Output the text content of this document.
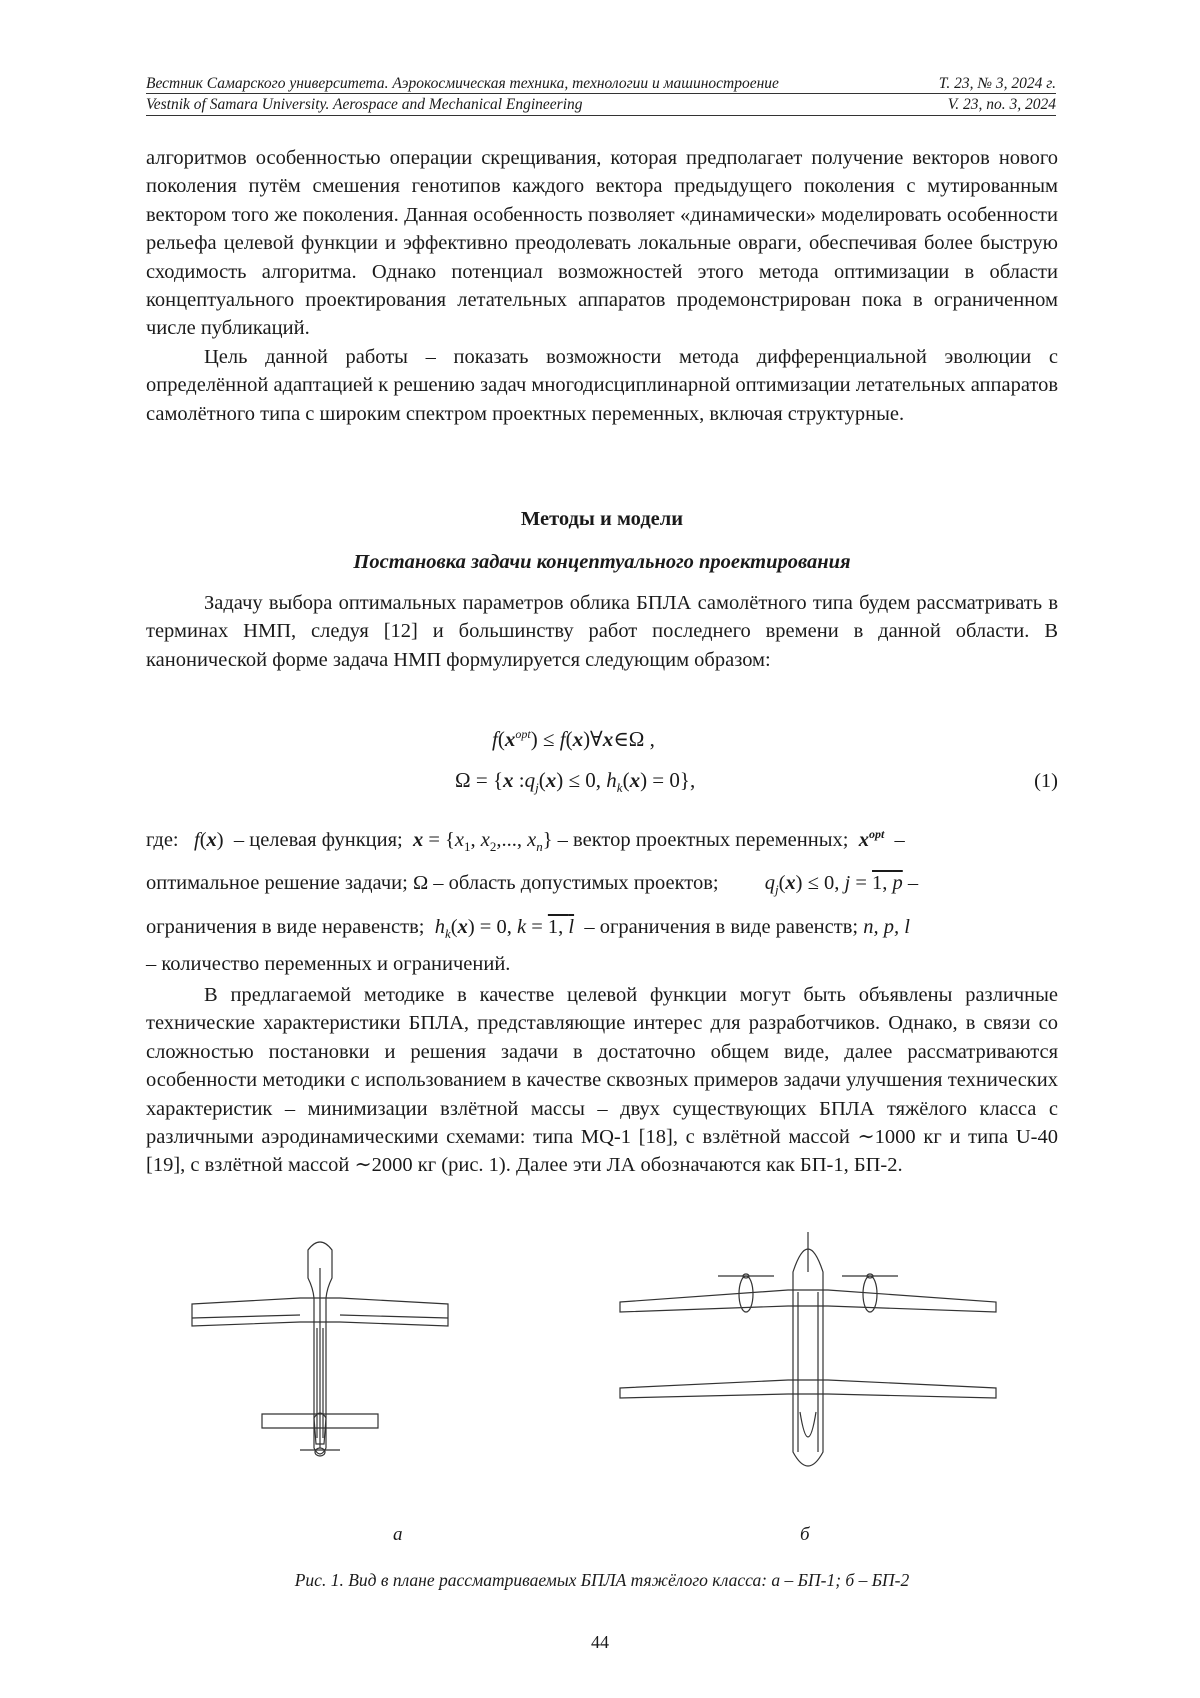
Вестник Самарского университета. Аэрокосмическая техника, технологии и машиностроение	Т. 23, № 3, 2024 г.
Vestnik of Samara University. Aerospace and Mechanical Engineering	V. 23, no. 3, 2024

алгоритмов особенностью операции скрещивания, которая предполагает получение векторов нового поколения путём смешения генотипов каждого вектора предыдущего поколения с мутированным вектором того же поколения. Данная особенность позволяет «динамически» моделировать особенности рельефа целевой функции и эффективно преодолевать локальные овраги, обеспечивая более быструю сходимость алгоритма. Однако потенциал возможностей этого метода оптимизации в области концептуального проектирования летательных аппаратов продемонстрирован пока в ограниченном числе публикаций.

Цель данной работы – показать возможности метода дифференциальной эволюции с определённой адаптацией к решению задач многодисциплинарной оптимизации летательных аппаратов самолётного типа с широким спектром проектных переменных, включая структурные.

Методы и модели
Постановка задачи концептуального проектирования

Задачу выбора оптимальных параметров облика БПЛА самолётного типа будем рассматривать в терминах НМП, следуя [12] и большинству работ последнего времени в данной области. В канонической форме задача НМП формулируется следующим образом:

$f(x^{opt})$ ≤ f(x)∀x∈Ω ,
Ω = {x $:q_j(x) \le 0$, $h_k(x) = 0$},	(1)
где: f(x)  – целевая функция; $x = \{x_1$, $x_2$,..., $x_n$} – вектор проектных переменных; $x^{opt}$ –
оптимальное решение задачи; Ω – область допустимых проектов; $q_j(x) \le 0$, j = 1, p –
ограничения в виде неравенств; $h_k(x) = 0$, k = 1, l – ограничения в виде равенств; n, p, l
– количество переменных и ограничений.

В предлагаемой методике в качестве целевой функции могут быть объявлены различные технические характеристики БПЛА, представляющие интерес для разработчиков. Однако, в связи со сложностью постановки и решения задачи в достаточно общем виде, далее рассматриваются особенности методики с использованием в качестве сквозных примеров задачи улучшения технических характеристик – минимизации взлётной массы – двух существующих БПЛА тяжёлого класса с различными аэродинамическими схемами: типа MQ-1 [18], с взлётной массой ∼1000 кг и типа U-40 [19], с взлётной массой ∼2000 кг (рис. 1). Далее эти ЛА обозначаются как БП-1, БП-2.

а	б
Рис. 1. Вид в плане рассматриваемых БПЛА тяжёлого класса: а – БП-1; б – БП-2
44
